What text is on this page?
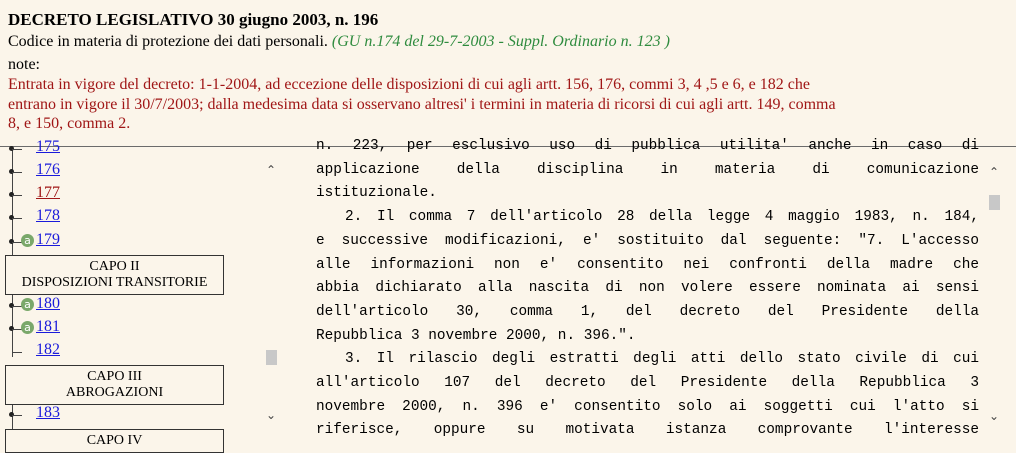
DECRETO LEGISLATIVO 30 giugno 2003, n. 196
Codice in materia di protezione dei dati personali. (GU n.174 del 29-7-2003 - Suppl. Ordinario n. 123 )
note:
Entrata in vigore del decreto: 1-1-2004, ad eccezione delle disposizioni di cui agli artt. 156, 176, commi 3, 4 ,5 e 6, e 182 che
entrano in vigore il 30/7/2003; dalla medesima data si osservano altresi' i termini in materia di ricorsi di cui agli artt. 149, comma
8, e 150, comma 2.
175
176
177
178
a 179
CAPO II
DISPOSIZIONI TRANSITORIE
a 180
a 181
182
CAPO III
ABROGAZIONI
183
CAPO IV
⌃
⌄

n. 223, per esclusivo uso di pubblica utilita' anche in caso di

applicazione della disciplina in materia di comunicazione

istituzionale.

2. Il comma 7 dell'articolo 28 della legge 4 maggio 1983, n. 184,

e successive modificazioni, e' sostituito dal seguente: "7. L'accesso

alle informazioni non e' consentito nei confronti della madre che

abbia dichiarato alla nascita di non volere essere nominata ai sensi

dell'articolo 30, comma 1, del decreto del Presidente della

Repubblica 3 novembre 2000, n. 396.".

3. Il rilascio degli estratti degli atti dello stato civile di cui

all'articolo 107 del decreto del Presidente della Repubblica 3

novembre 2000, n. 396 e' consentito solo ai soggetti cui l'atto si

riferisce, oppure su motivata istanza comprovante l'interesse

⌃
⌄
